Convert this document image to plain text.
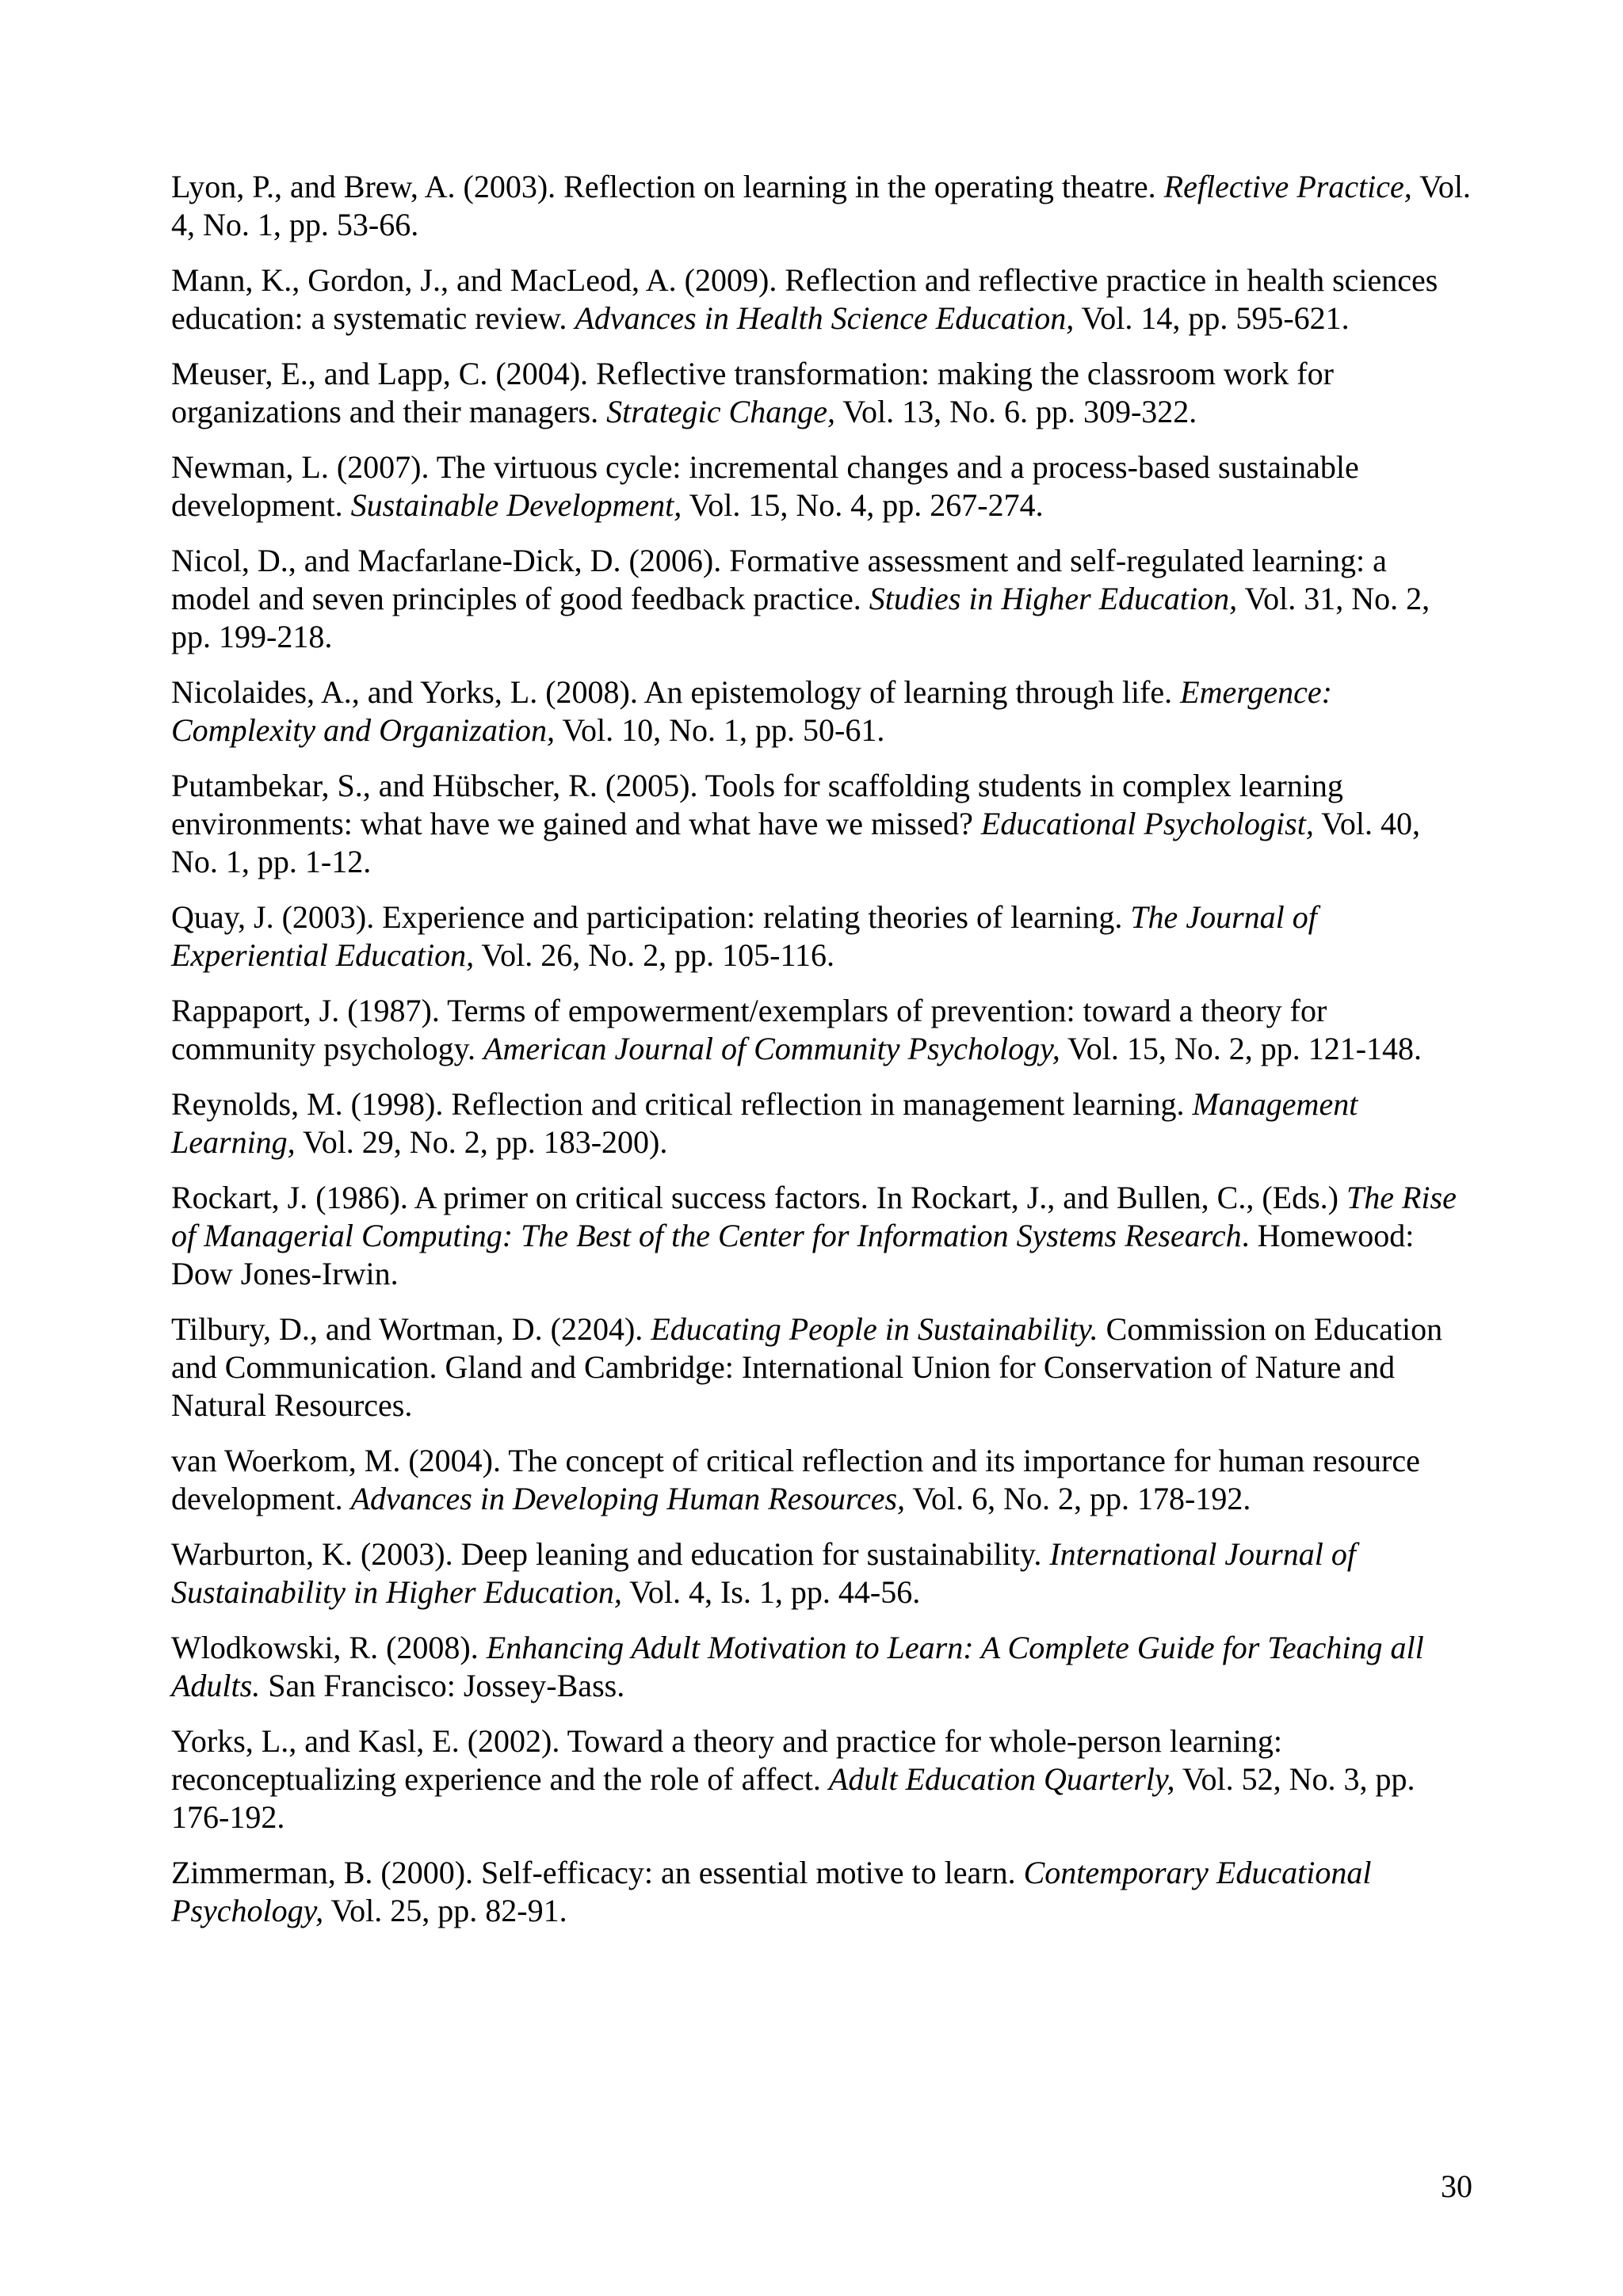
Lyon, P., and Brew, A. (2003). Reflection on learning in the operating theatre. Reflective Practice, Vol. 4, No. 1, pp. 53-66.

Mann, K., Gordon, J., and MacLeod, A. (2009). Reflection and reflective practice in health sciences education: a systematic review. Advances in Health Science Education, Vol. 14, pp. 595-621.

Meuser, E., and Lapp, C. (2004). Reflective transformation: making the classroom work for organizations and their managers. Strategic Change, Vol. 13, No. 6. pp. 309-322.

Newman, L. (2007). The virtuous cycle: incremental changes and a process-based sustainable development. Sustainable Development, Vol. 15, No. 4, pp. 267-274.

Nicol, D., and Macfarlane-Dick, D. (2006). Formative assessment and self-regulated learning: a model and seven principles of good feedback practice. Studies in Higher Education, Vol. 31, No. 2, pp. 199-218.

Nicolaides, A., and Yorks, L. (2008). An epistemology of learning through life. Emergence: Complexity and Organization, Vol. 10, No. 1, pp. 50-61.

Putambekar, S., and Hübscher, R. (2005). Tools for scaffolding students in complex learning environments: what have we gained and what have we missed? Educational Psychologist, Vol. 40, No. 1, pp. 1-12.

Quay, J. (2003). Experience and participation: relating theories of learning. The Journal of Experiential Education, Vol. 26, No. 2, pp. 105-116.

Rappaport, J. (1987). Terms of empowerment/exemplars of prevention: toward a theory for community psychology. American Journal of Community Psychology, Vol. 15, No. 2, pp. 121-148.

Reynolds, M. (1998). Reflection and critical reflection in management learning. Management Learning, Vol. 29, No. 2, pp. 183-200).

Rockart, J. (1986). A primer on critical success factors. In Rockart, J., and Bullen, C., (Eds.) The Rise of Managerial Computing: The Best of the Center for Information Systems Research. Homewood: Dow Jones-Irwin.

Tilbury, D., and Wortman, D. (2204). Educating People in Sustainability. Commission on Education and Communication. Gland and Cambridge: International Union for Conservation of Nature and Natural Resources.

van Woerkom, M. (2004). The concept of critical reflection and its importance for human resource development. Advances in Developing Human Resources, Vol. 6, No. 2, pp. 178-192.

Warburton, K. (2003). Deep leaning and education for sustainability. International Journal of Sustainability in Higher Education, Vol. 4, Is. 1, pp. 44-56.

Wlodkowski, R. (2008). Enhancing Adult Motivation to Learn: A Complete Guide for Teaching all Adults. San Francisco: Jossey-Bass.

Yorks, L., and Kasl, E. (2002). Toward a theory and practice for whole-person learning: reconceptualizing experience and the role of affect. Adult Education Quarterly, Vol. 52, No. 3, pp. 176-192.

Zimmerman, B. (2000). Self-efficacy: an essential motive to learn. Contemporary Educational Psychology, Vol. 25, pp. 82-91.

30
